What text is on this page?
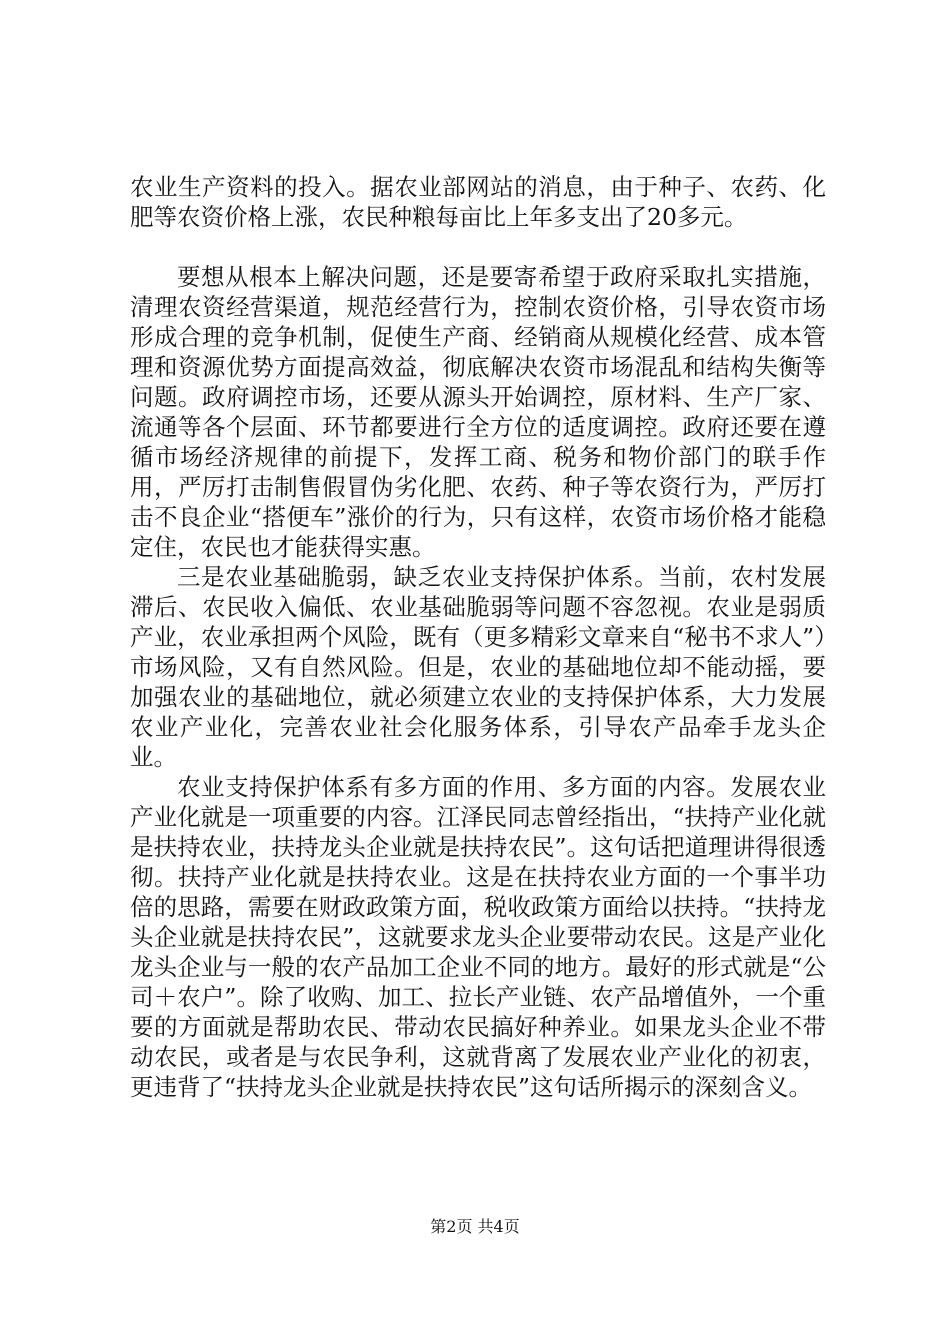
农业生产资料的投入。据农业部网站的消息，由于种子、农药、化肥等农资价格上涨，农民种粮每亩比上年多支出了20多元。

要想从根本上解决问题，还是要寄希望于政府采取扎实措施，清理农资经营渠道，规范经营行为，控制农资价格，引导农资市场形成合理的竞争机制，促使生产商、经销商从规模化经营、成本管理和资源优势方面提高效益，彻底解决农资市场混乱和结构失衡等问题。政府调控市场，还要从源头开始调控，原材料、生产厂家、流通等各个层面、环节都要进行全方位的适度调控。政府还要在遵循市场经济规律的前提下，发挥工商、税务和物价部门的联手作用，严厉打击制售假冒伪劣化肥、农药、种子等农资行为，严厉打击不良企业“搭便车”涨价的行为，只有这样，农资市场价格才能稳定住，农民也才能获得实惠。

三是农业基础脆弱，缺乏农业支持保护体系。当前，农村发展滞后、农民收入偏低、农业基础脆弱等问题不容忽视。农业是弱质产业，农业承担两个风险，既有（更多精彩文章来自“秘书不求人”）市场风险，又有自然风险。但是，农业的基础地位却不能动摇，要加强农业的基础地位，就必须建立农业的支持保护体系，大力发展农业产业化，完善农业社会化服务体系，引导农产品牵手龙头企业。

农业支持保护体系有多方面的作用、多方面的内容。发展农业产业化就是一项重要的内容。江泽民同志曾经指出，“扶持产业化就是扶持农业，扶持龙头企业就是扶持农民”。这句话把道理讲得很透彻。扶持产业化就是扶持农业。这是在扶持农业方面的一个事半功倍的思路，需要在财政政策方面，税收政策方面给以扶持。“扶持龙头企业就是扶持农民”，这就要求龙头企业要带动农民。这是产业化龙头企业与一般的农产品加工企业不同的地方。最好的形式就是“公司＋农户”。除了收购、加工、拉长产业链、农产品增值外，一个重要的方面就是帮助农民、带动农民搞好种养业。如果龙头企业不带动农民，或者是与农民争利，这就背离了发展农业产业化的初衷，更违背了“扶持龙头企业就是扶持农民”这句话所揭示的深刻含义。

第2页 共4页
